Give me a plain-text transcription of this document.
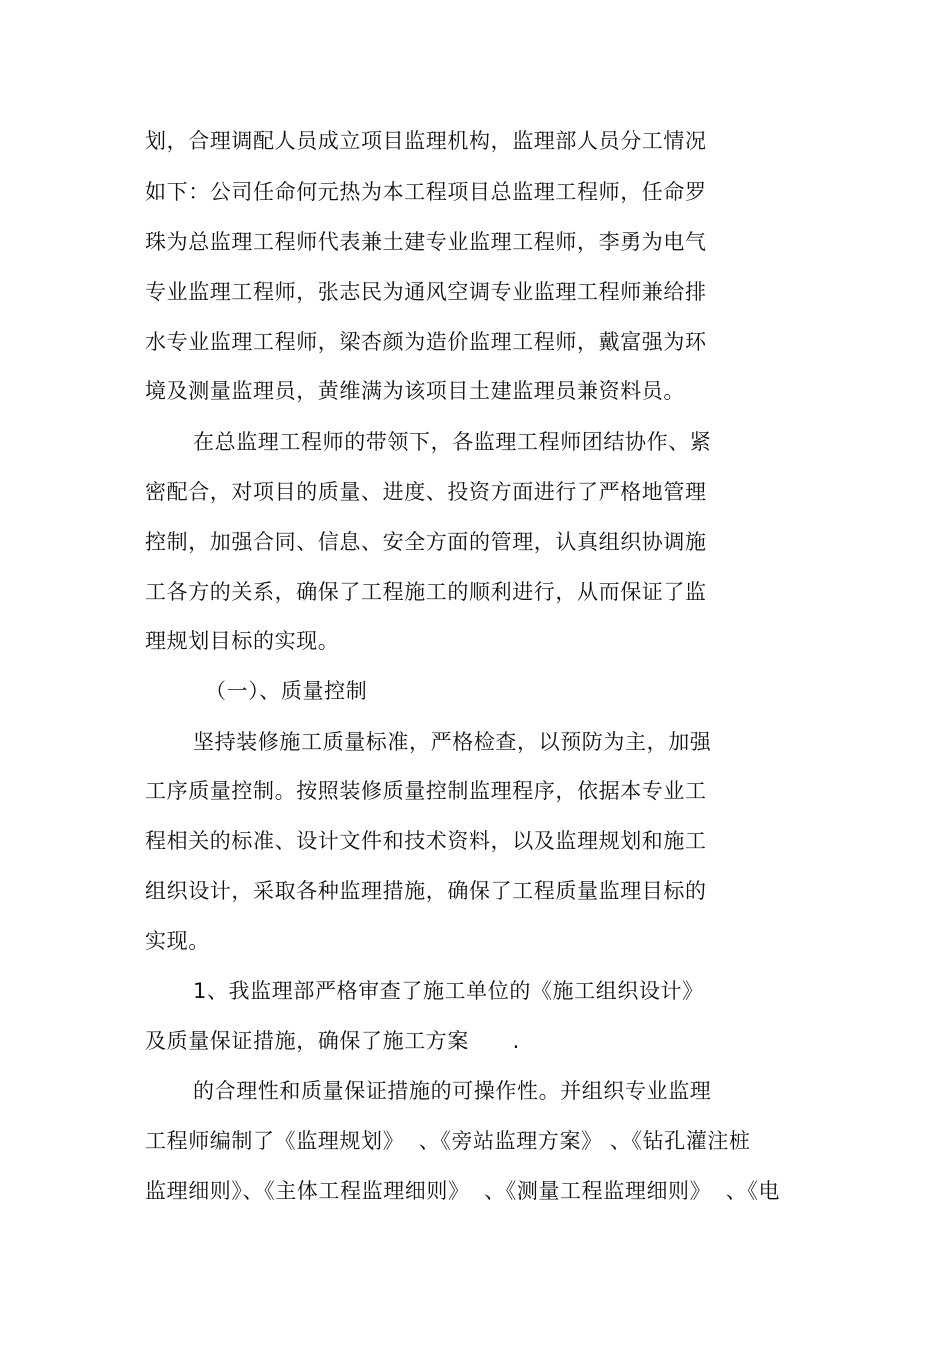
划，合理调配人员成立项目监理机构，监理部人员分工情况
如下：公司任命何元热为本工程项目总监理工程师，任命罗
珠为总监理工程师代表兼土建专业监理工程师，李勇为电气
专业监理工程师，张志民为通风空调专业监理工程师兼给排
水专业监理工程师，梁杏颜为造价监理工程师，戴富强为环
境及测量监理员，黄维满为该项目土建监理员兼资料员。
在总监理工程师的带领下，各监理工程师团结协作、紧
密配合，对项目的质量、进度、投资方面进行了严格地管理
控制，加强合同、信息、安全方面的管理，认真组织协调施
工各方的关系，确保了工程施工的顺利进行，从而保证了监
理规划目标的实现。
（一）、质量控制
坚持装修施工质量标准，严格检查，以预防为主，加强
工序质量控制。按照装修质量控制监理程序，依据本专业工
程相关的标准、设计文件和技术资料，以及监理规划和施工
组织设计，采取各种监理措施，确保了工程质量监理目标的
实现。
1、我监理部严格审查了施工单位的《施工组织设计》
及质量保证措施，确保了施工方案      .
的合理性和质量保证措施的可操作性。并组织专业监理
工程师编制了《监理规划》  、《旁站监理方案》 、《钻孔灌注桩
监理细则》、《主体工程监理细则》  、《测量工程监理细则》  、《电
